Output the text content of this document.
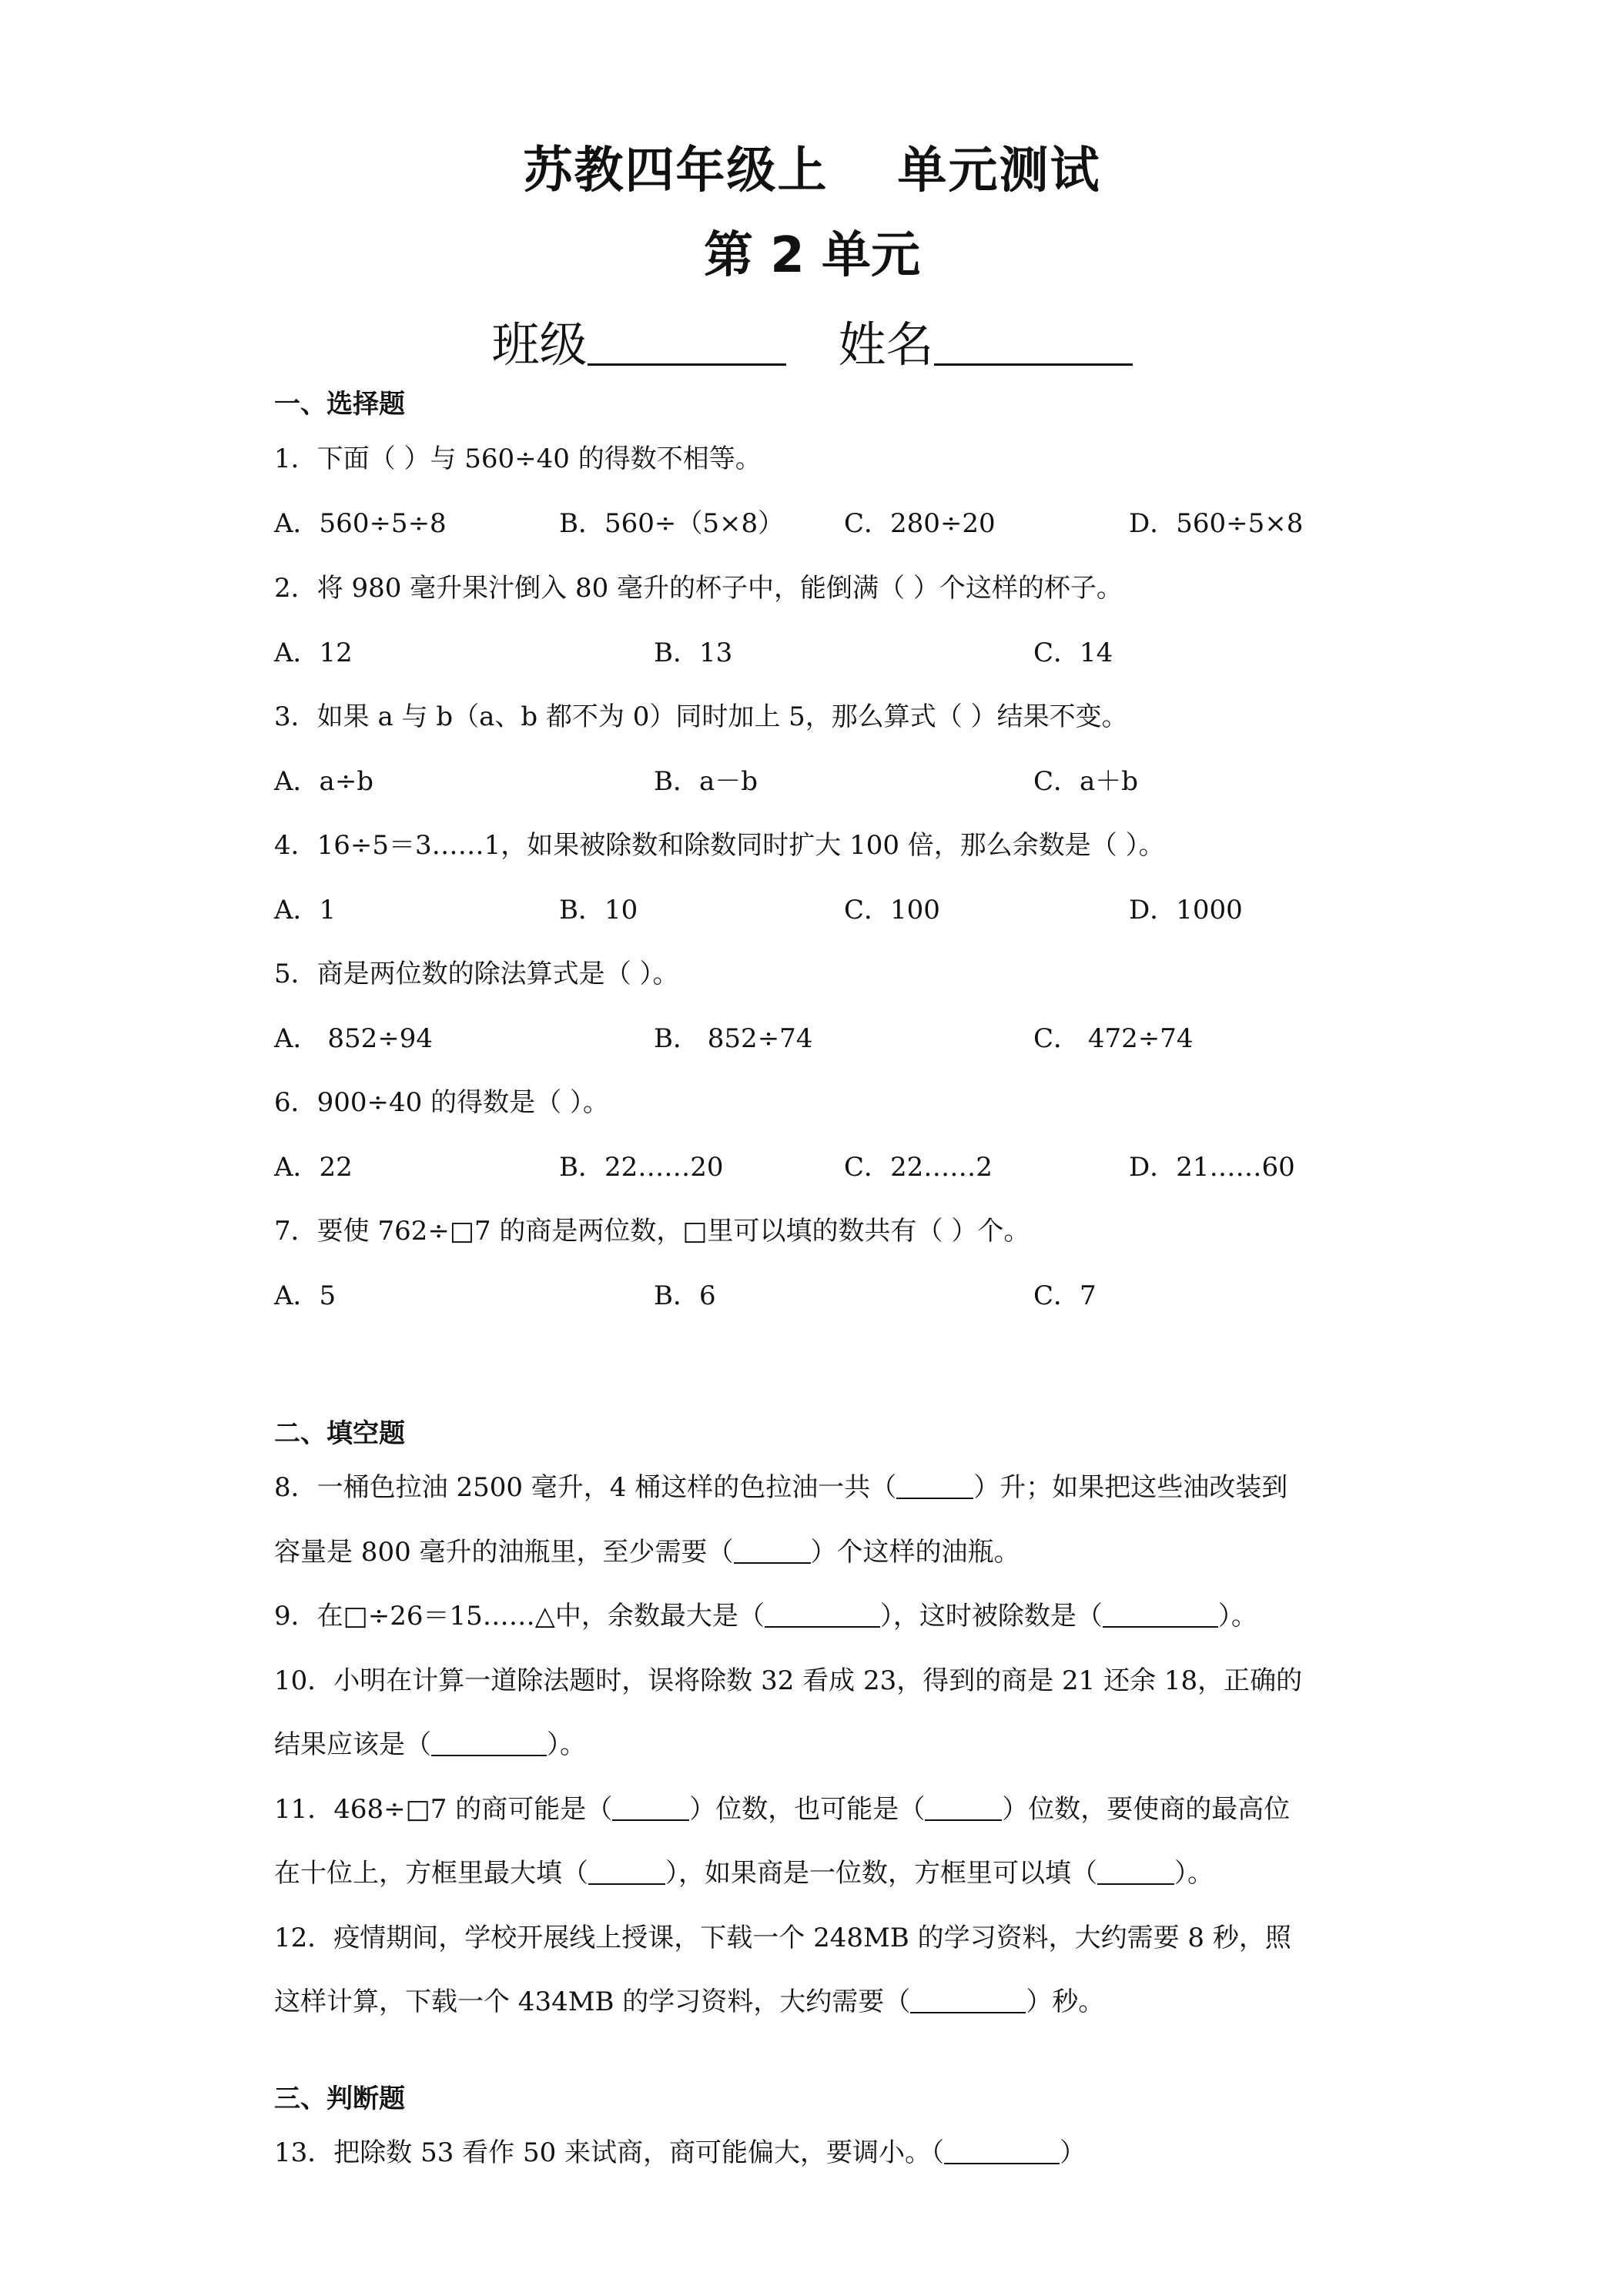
苏教四年级上 单元测试
第 2 单元
班级	姓名
一、选择题
1．下面（ ）与 560÷40 的得数不相等。
A．560÷5÷8	B．560÷（5×8） C．280÷20	D．560÷5×8
2．将 980 毫升果汁倒入 80 毫升的杯子中，能倒满（ ）个这样的杯子。
A．12	B．13	C．14
3．如果 a 与 b（a、b 都不为 0）同时加上 5，那么算式（ ）结果不变。
A．a÷b	B．a－b	C．a＋b
4．16÷5＝3……1，如果被除数和除数同时扩大 100 倍，那么余数是（ ）。
A．1	B．10	C．100	D．1000
5．商是两位数的除法算式是（ ）。
A． 852÷94	B． 852÷74	C． 472÷74
6．900÷40 的得数是（ ）。
A．22	B．22……20	C．22……2	D．21……60
7．要使 762÷□7 的商是两位数，□里可以填的数共有（ ）个。
A．5	B．6	C．7
二、填空题
8．一桶色拉油 2500 毫升，4 桶这样的色拉油一共（	）升；如果把这些油改装到
容量是 800 毫升的油瓶里，至少需要（	）个这样的油瓶。
9．在□÷26＝15……△中，余数最大是（	），这时被除数是（	）。
10．小明在计算一道除法题时，误将除数 32 看成 23，得到的商是 21 还余 18，正确的
结果应该是（	）。
11．468÷□7 的商可能是（	）位数，也可能是（	）位数，要使商的最高位
在十位上，方框里最大填（	），如果商是一位数，方框里可以填（	）。
12．疫情期间，学校开展线上授课，下载一个 248MB 的学习资料，大约需要 8 秒，照
这样计算，下载一个 434MB 的学习资料，大约需要（	）秒。
三、判断题
13．把除数 53 看作 50 来试商，商可能偏大，要调小。（	）
